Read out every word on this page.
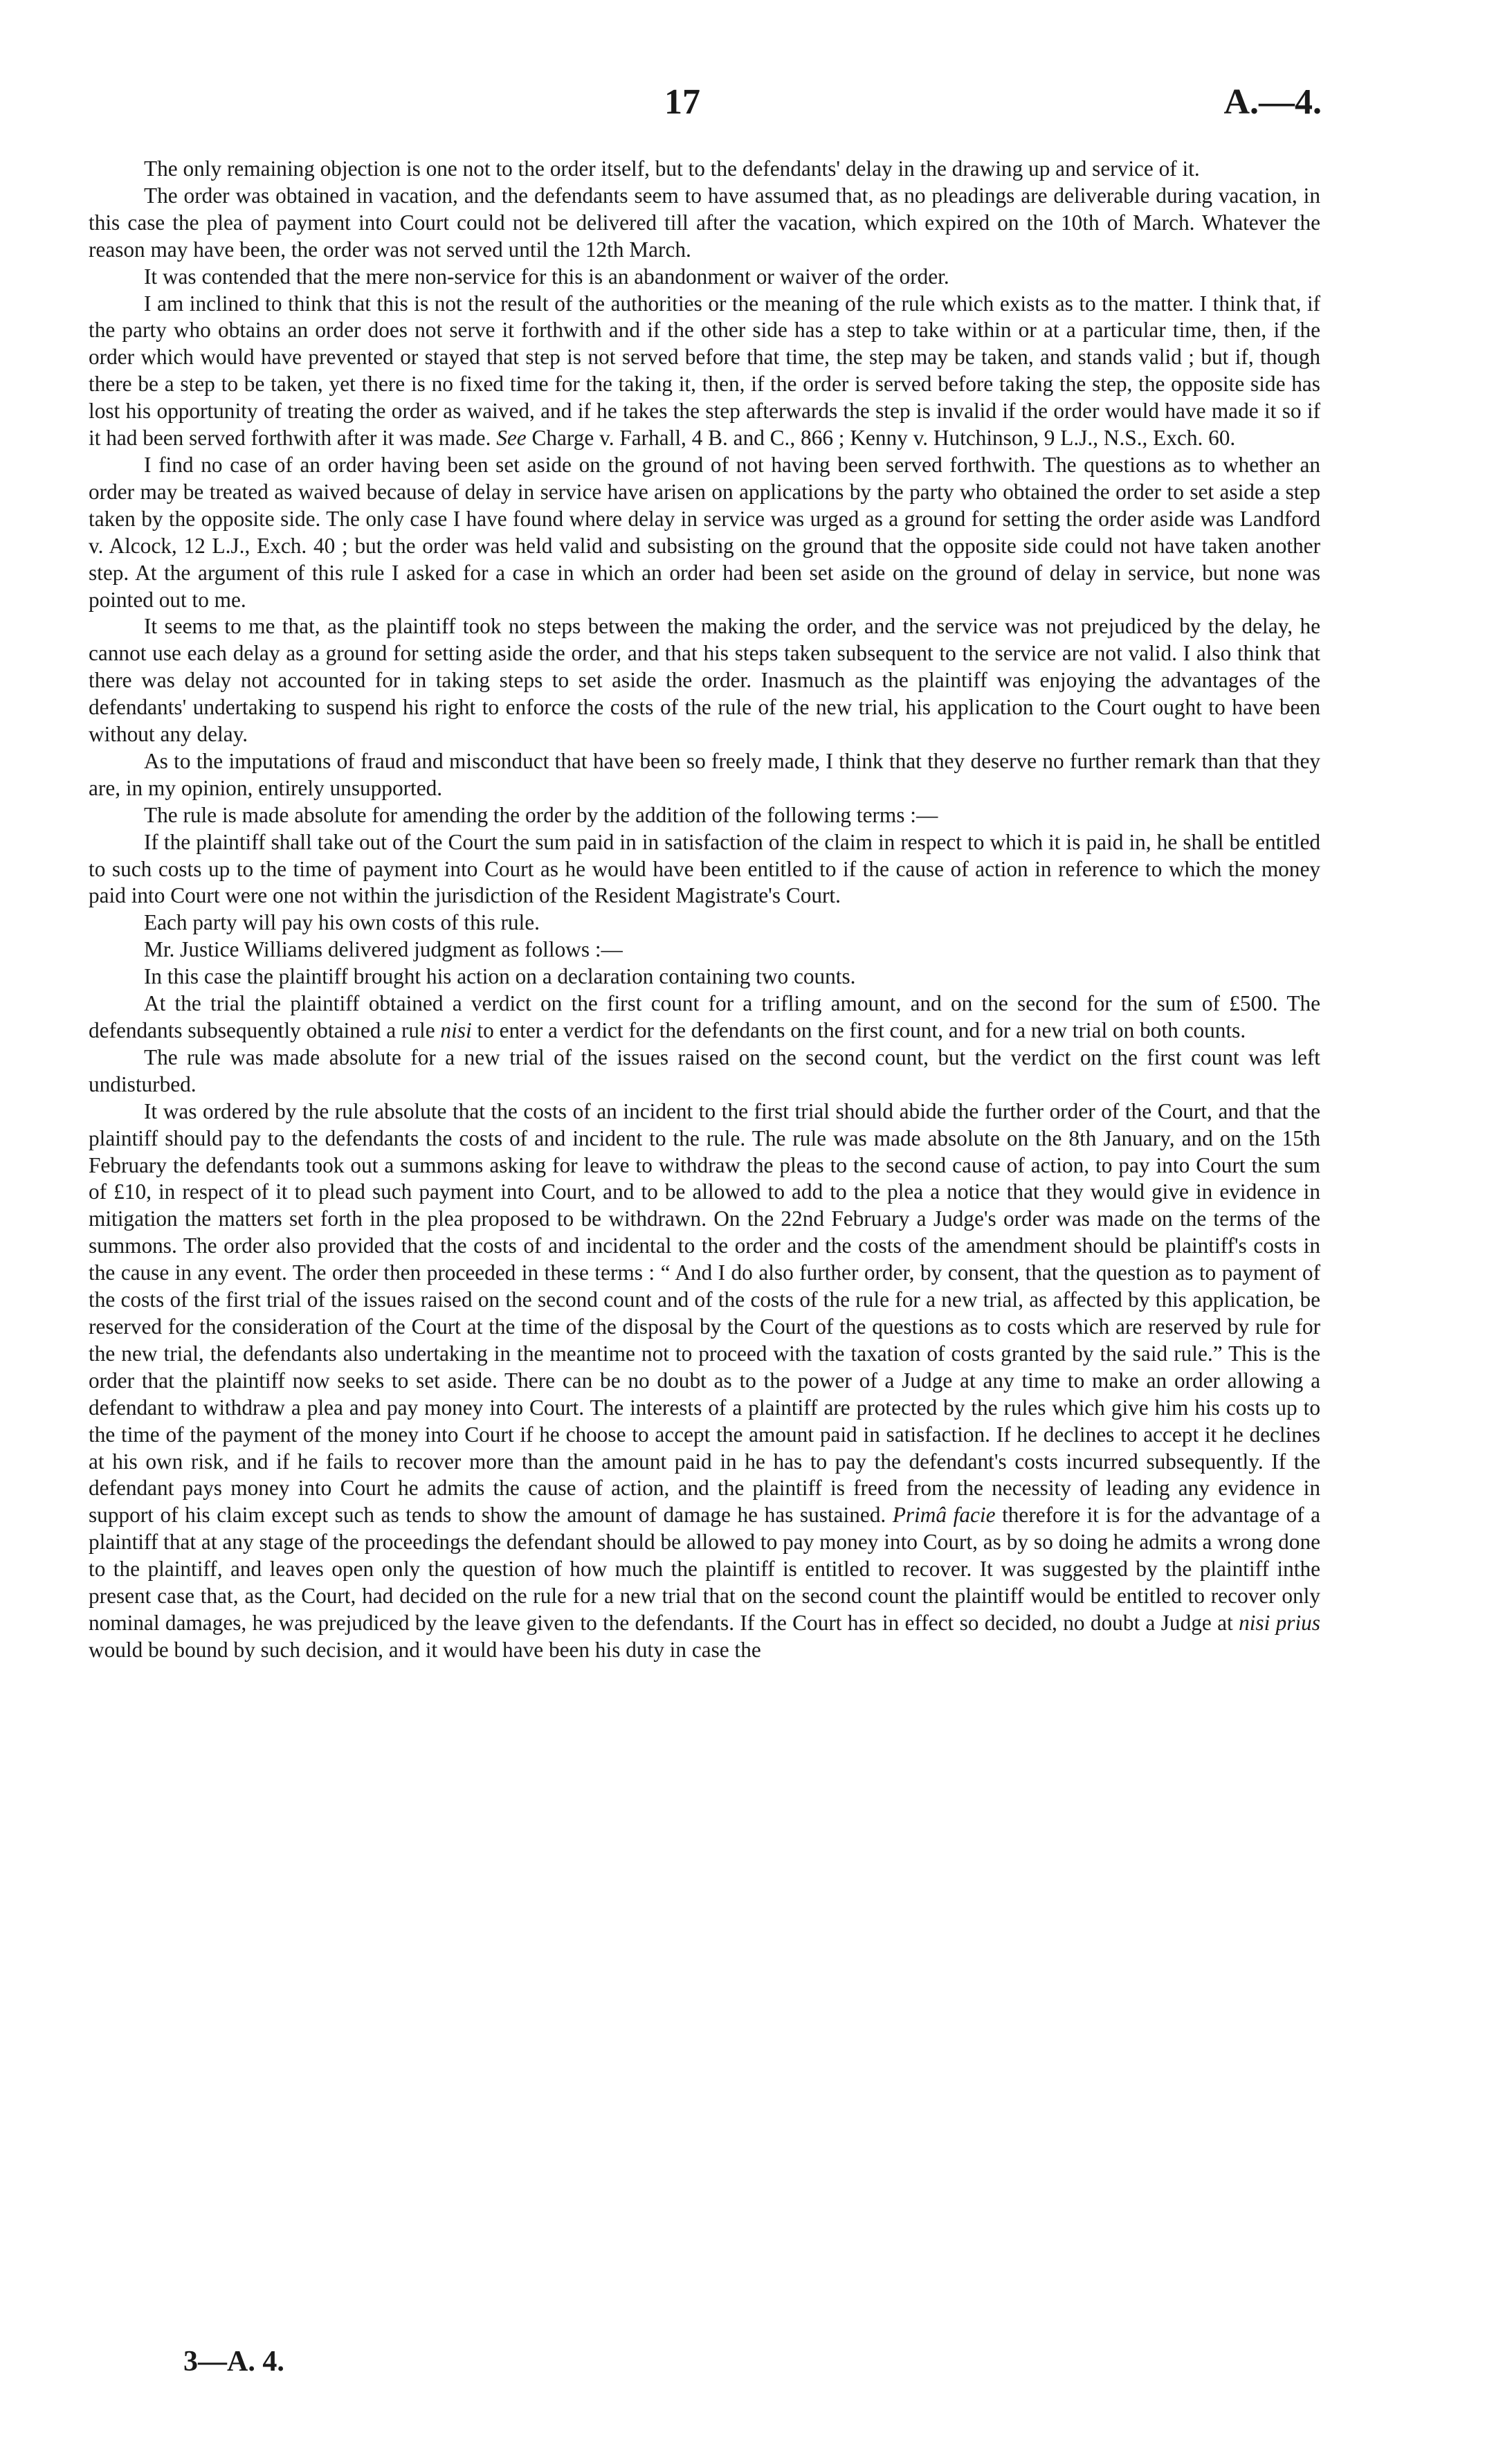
17	A.—4.

The only remaining objection is one not to the order itself, but to the defendants' delay in the drawing up and service of it.

The order was obtained in vacation, and the defendants seem to have assumed that, as no pleadings are deliverable during vacation, in this case the plea of payment into Court could not be delivered till after the vacation, which expired on the 10th of March. Whatever the reason may have been, the order was not served until the 12th March.

It was contended that the mere non-service for this is an abandonment or waiver of the order.

I am inclined to think that this is not the result of the authorities or the meaning of the rule which exists as to the matter. I think that, if the party who obtains an order does not serve it forthwith and if the other side has a step to take within or at a particular time, then, if the order which would have prevented or stayed that step is not served before that time, the step may be taken, and stands valid ; but if, though there be a step to be taken, yet there is no fixed time for the taking it, then, if the order is served before taking the step, the opposite side has lost his opportunity of treating the order as waived, and if he takes the step afterwards the step is invalid if the order would have made it so if it had been served forthwith after it was made. See Charge v. Farhall, 4 B. and C., 866 ; Kenny v. Hutchinson, 9 L.J., N.S., Exch. 60.

I find no case of an order having been set aside on the ground of not having been served forthwith. The questions as to whether an order may be treated as waived because of delay in service have arisen on applications by the party who obtained the order to set aside a step taken by the opposite side. The only case I have found where delay in service was urged as a ground for setting the order aside was Landford v. Alcock, 12 L.J., Exch. 40 ; but the order was held valid and subsisting on the ground that the opposite side could not have taken another step. At the argument of this rule I asked for a case in which an order had been set aside on the ground of delay in service, but none was pointed out to me.

It seems to me that, as the plaintiff took no steps between the making the order, and the service was not prejudiced by the delay, he cannot use each delay as a ground for setting aside the order, and that his steps taken subsequent to the service are not valid. I also think that there was delay not accounted for in taking steps to set aside the order. Inasmuch as the plaintiff was enjoying the advantages of the defendants' undertaking to suspend his right to enforce the costs of the rule of the new trial, his application to the Court ought to have been without any delay.

As to the imputations of fraud and misconduct that have been so freely made, I think that they deserve no further remark than that they are, in my opinion, entirely unsupported.

The rule is made absolute for amending the order by the addition of the following terms :—

If the plaintiff shall take out of the Court the sum paid in in satisfaction of the claim in respect to which it is paid in, he shall be entitled to such costs up to the time of payment into Court as he would have been entitled to if the cause of action in reference to which the money paid into Court were one not within the jurisdiction of the Resident Magistrate's Court.

Each party will pay his own costs of this rule.

Mr. Justice Williams delivered judgment as follows :—

In this case the plaintiff brought his action on a declaration containing two counts.

At the trial the plaintiff obtained a verdict on the first count for a trifling amount, and on the second for the sum of £500. The defendants subsequently obtained a rule nisi to enter a verdict for the defendants on the first count, and for a new trial on both counts.

The rule was made absolute for a new trial of the issues raised on the second count, but the verdict on the first count was left undisturbed.

It was ordered by the rule absolute that the costs of an incident to the first trial should abide the further order of the Court, and that the plaintiff should pay to the defendants the costs of and incident to the rule. The rule was made absolute on the 8th January, and on the 15th February the defendants took out a summons asking for leave to withdraw the pleas to the second cause of action, to pay into Court the sum of £10, in respect of it to plead such payment into Court, and to be allowed to add to the plea a notice that they would give in evidence in mitigation the matters set forth in the plea proposed to be withdrawn. On the 22nd February a Judge's order was made on the terms of the summons. The order also provided that the costs of and incidental to the order and the costs of the amendment should be plaintiff's costs in the cause in any event. The order then proceeded in these terms : “ And I do also further order, by consent, that the question as to payment of the costs of the first trial of the issues raised on the second count and of the costs of the rule for a new trial, as affected by this application, be reserved for the consideration of the Court at the time of the disposal by the Court of the questions as to costs which are reserved by rule for the new trial, the defendants also undertaking in the meantime not to proceed with the taxation of costs granted by the said rule.” This is the order that the plaintiff now seeks to set aside. There can be no doubt as to the power of a Judge at any time to make an order allowing a defendant to withdraw a plea and pay money into Court. The interests of a plaintiff are protected by the rules which give him his costs up to the time of the payment of the money into Court if he choose to accept the amount paid in satisfaction. If he declines to accept it he declines at his own risk, and if he fails to recover more than the amount paid in he has to pay the defendant's costs incurred subsequently. If the defendant pays money into Court he admits the cause of action, and the plaintiff is freed from the necessity of leading any evidence in support of his claim except such as tends to show the amount of damage he has sustained. Primâ facie therefore it is for the advantage of a plaintiff that at any stage of the proceedings the defendant should be allowed to pay money into Court, as by so doing he admits a wrong done to the plaintiff, and leaves open only the question of how much the plaintiff is entitled to recover. It was suggested by the plaintiff inthe present case that, as the Court, had decided on the rule for a new trial that on the second count the plaintiff would be entitled to recover only nominal damages, he was prejudiced by the leave given to the defendants. If the Court has in effect so decided, no doubt a Judge at nisi prius would be bound by such decision, and it would have been his duty in case the

3—A. 4.
